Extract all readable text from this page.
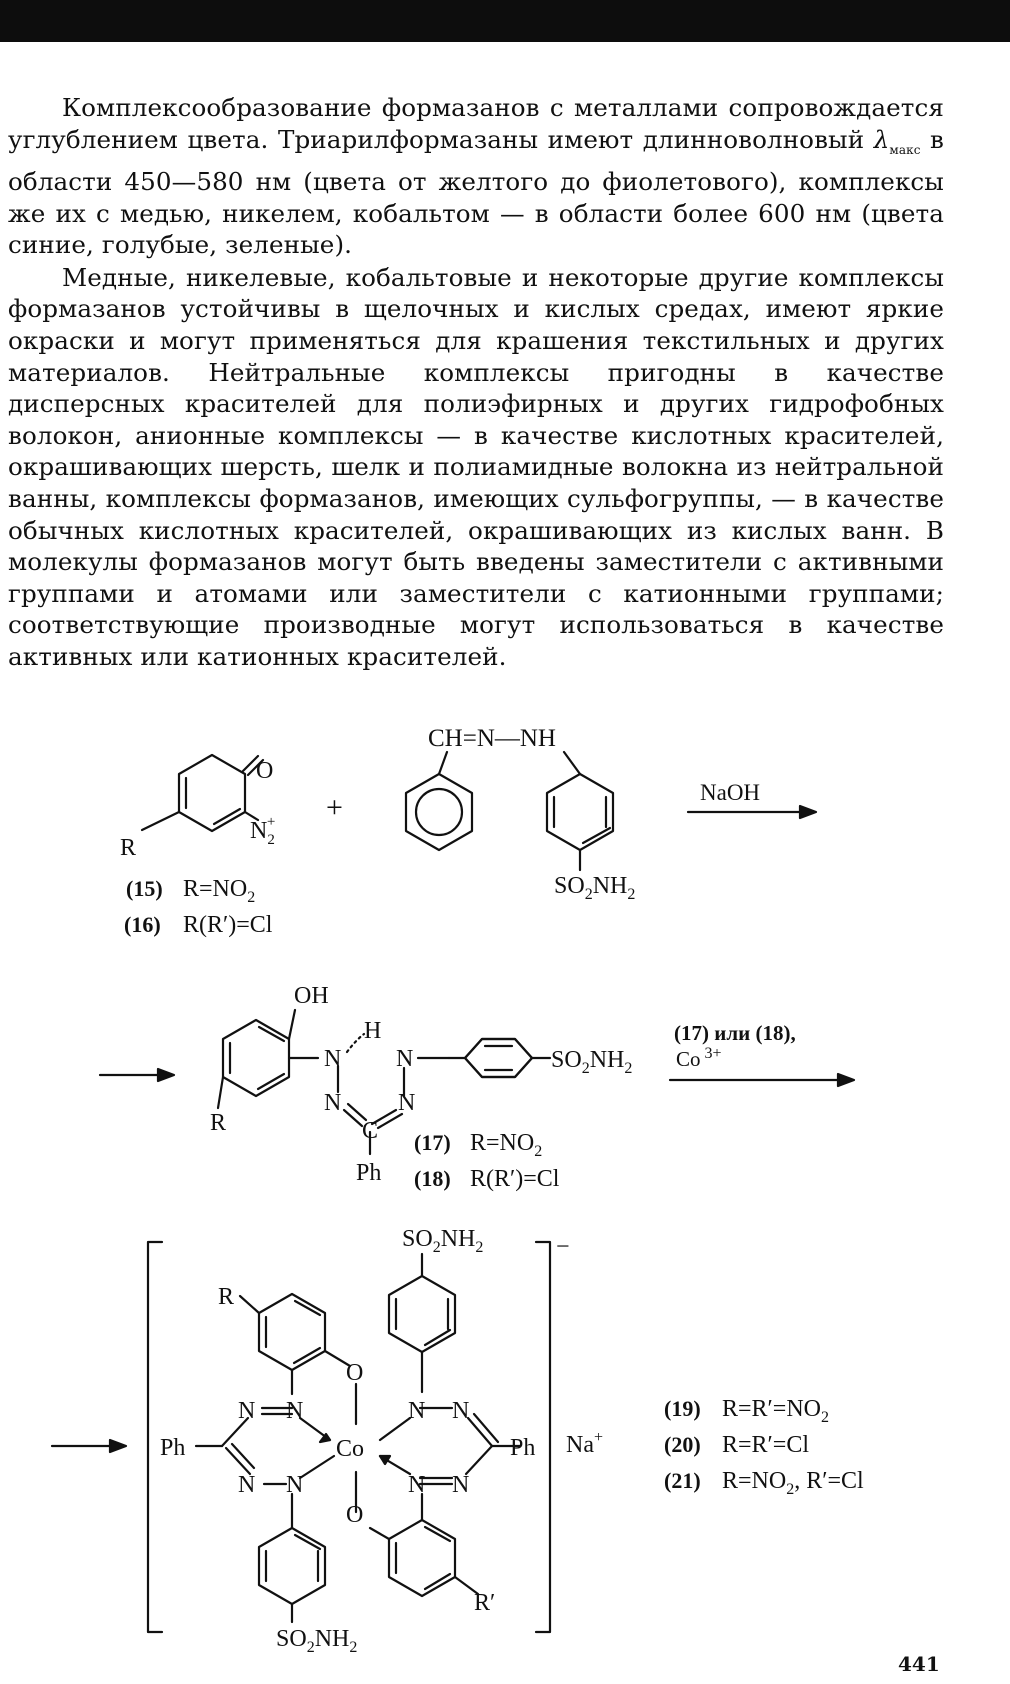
Комплексообразование формазанов с металлами сопровождается углублением цвета. Триарилформазаны имеют длинноволновый $\lambda_{макс}$ в области 450—580 нм (цвета от желтого до фиолетового), комплексы же их с медью, никелем, кобальтом — в области более 600 нм (цвета синие, голубые, зеленые).

Медные, никелевые, кобальтовые и некоторые другие комплексы формазанов устойчивы в щелочных и кислых средах, имеют яркие окраски и могут применяться для крашения текстильных и других материалов. Нейтральные комплексы пригодны в качестве дисперсных красителей для полиэфирных и других гидрофобных волокон, анионные комплексы — в качестве кислотных красителей, окрашивающих шерсть, шелк и полиамидные волокна из нейтральной ванны, комплексы формазанов, имеющих сульфогруппы, — в качестве обычных кислотных красителей, окрашивающих из кислых ванн. В молекулы формазанов могут быть введены заместители с активными группами и атомами или заместители с катионными группами; соответствующие производные могут использоваться в качестве активных или катионных красителей.

O
R
$N_2+$
(15) $R=NO_2$
(16) R(R′)=Cl
+
CH=N—NH
$SO_2NH_2$
NaOH
OH
H
N N
N N
C
Ph
R
$SO_2NH_2$
(17) $R=NO_2$
(18) R(R′)=Cl
(17) или (18),
Co $^{3+}$
−
$SO_2NH_2$
R
O
O
Co
N N
N N
N N
N N
Ph	Ph
R′
$SO_2NH_2$
Na+
(19) $R=R'=NO_2$
(20) R=R′=Cl
(21) $R=NO_2$, R′=Cl
441
